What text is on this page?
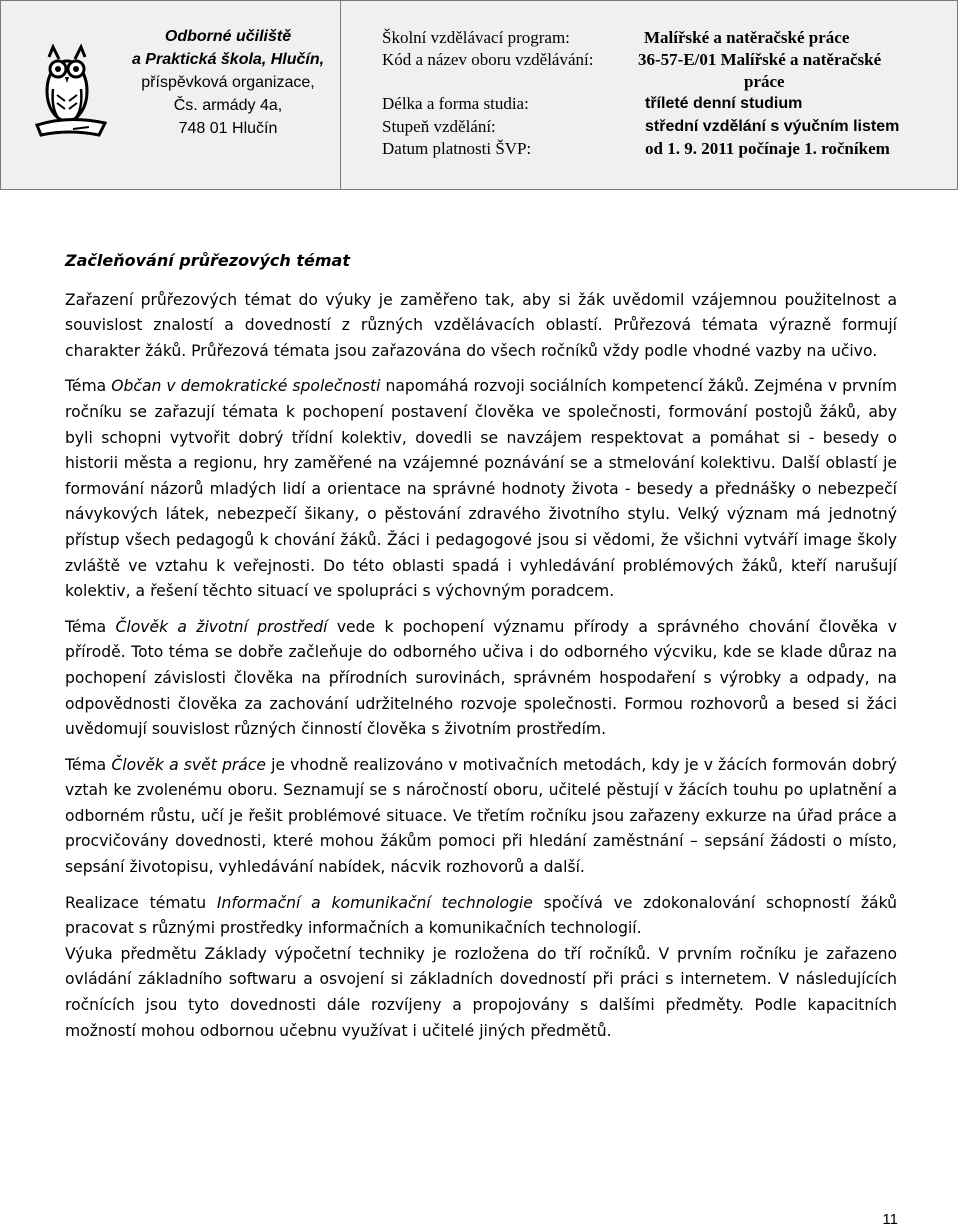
Odborné učiliště
a Praktická škola, Hlučín,
příspěvková organizace,
Čs. armády 4a,
748 01 Hlučín
Školní vzdělávací program:	Malířské a natěračské práce
Kód a název oboru vzdělávání:	36-57-E/01 Malířské a natěračské
práce
Délka a forma studia:	tříleté denní studium
Stupeň vzdělání:	střední vzdělání s výučním listem
Datum platnosti ŠVP:	od 1. 9. 2011 počínaje 1. ročníkem
Začleňování průřezových témat

Zařazení průřezových témat do výuky je zaměřeno tak, aby si žák uvědomil vzájemnou použitelnost a souvislost znalostí a dovedností z různých vzdělávacích oblastí. Průřezová témata výrazně formují charakter žáků. Průřezová témata jsou zařazována do všech ročníků vždy podle vhodné vazby na učivo.

Téma Občan v demokratické společnosti napomáhá rozvoji sociálních kompetencí žáků. Zejména v prvním ročníku se zařazují témata k pochopení postavení člověka ve společnosti, formování postojů žáků, aby byli schopni vytvořit dobrý třídní kolektiv, dovedli se navzájem respektovat a pomáhat si - besedy o historii města a regionu, hry zaměřené na vzájemné poznávání se a stmelování kolektivu. Další oblastí je formování názorů mladých lidí a orientace na správné hodnoty života - besedy a přednášky o nebezpečí návykových látek, nebezpečí šikany, o pěstování zdravého životního stylu. Velký význam má jednotný přístup všech pedagogů k chování žáků. Žáci i pedagogové jsou si vědomi, že všichni vytváří image školy zvláště ve vztahu k veřejnosti. Do této oblasti spadá i vyhledávání problémových žáků, kteří narušují kolektiv, a řešení těchto situací ve spolupráci s výchovným poradcem.

Téma Člověk a životní prostředí vede k pochopení významu přírody a správného chování člověka v přírodě. Toto téma se dobře začleňuje do odborného učiva i do odborného výcviku, kde se klade důraz na pochopení závislosti člověka na přírodních surovinách, správném hospodaření s výrobky a odpady, na odpovědnosti člověka za zachování udržitelného rozvoje společnosti. Formou rozhovorů a besed si žáci uvědomují souvislost různých činností člověka s životním prostředím.

Téma Člověk a svět práce je vhodně realizováno v motivačních metodách, kdy je v žácích formován dobrý vztah ke zvolenému oboru. Seznamují se s náročností oboru, učitelé pěstují v žácích touhu po uplatnění a odborném růstu, učí je řešit problémové situace. Ve třetím ročníku jsou zařazeny exkurze na úřad práce a procvičovány dovednosti, které mohou žákům pomoci při hledání zaměstnání – sepsání žádosti o místo, sepsání životopisu, vyhledávání nabídek, nácvik rozhovorů a další.

Realizace tématu Informační a komunikační technologie spočívá ve zdokonalování schopností žáků pracovat s různými prostředky informačních a komunikačních technologií.

Výuka předmětu Základy výpočetní techniky je rozložena do tří ročníků. V prvním ročníku je zařazeno ovládání základního softwaru a osvojení si základních dovedností při práci s internetem. V následujících ročnících jsou tyto dovednosti dále rozvíjeny a propojovány s dalšími předměty. Podle kapacitních možností mohou odbornou učebnu využívat i učitelé jiných předmětů.

11
